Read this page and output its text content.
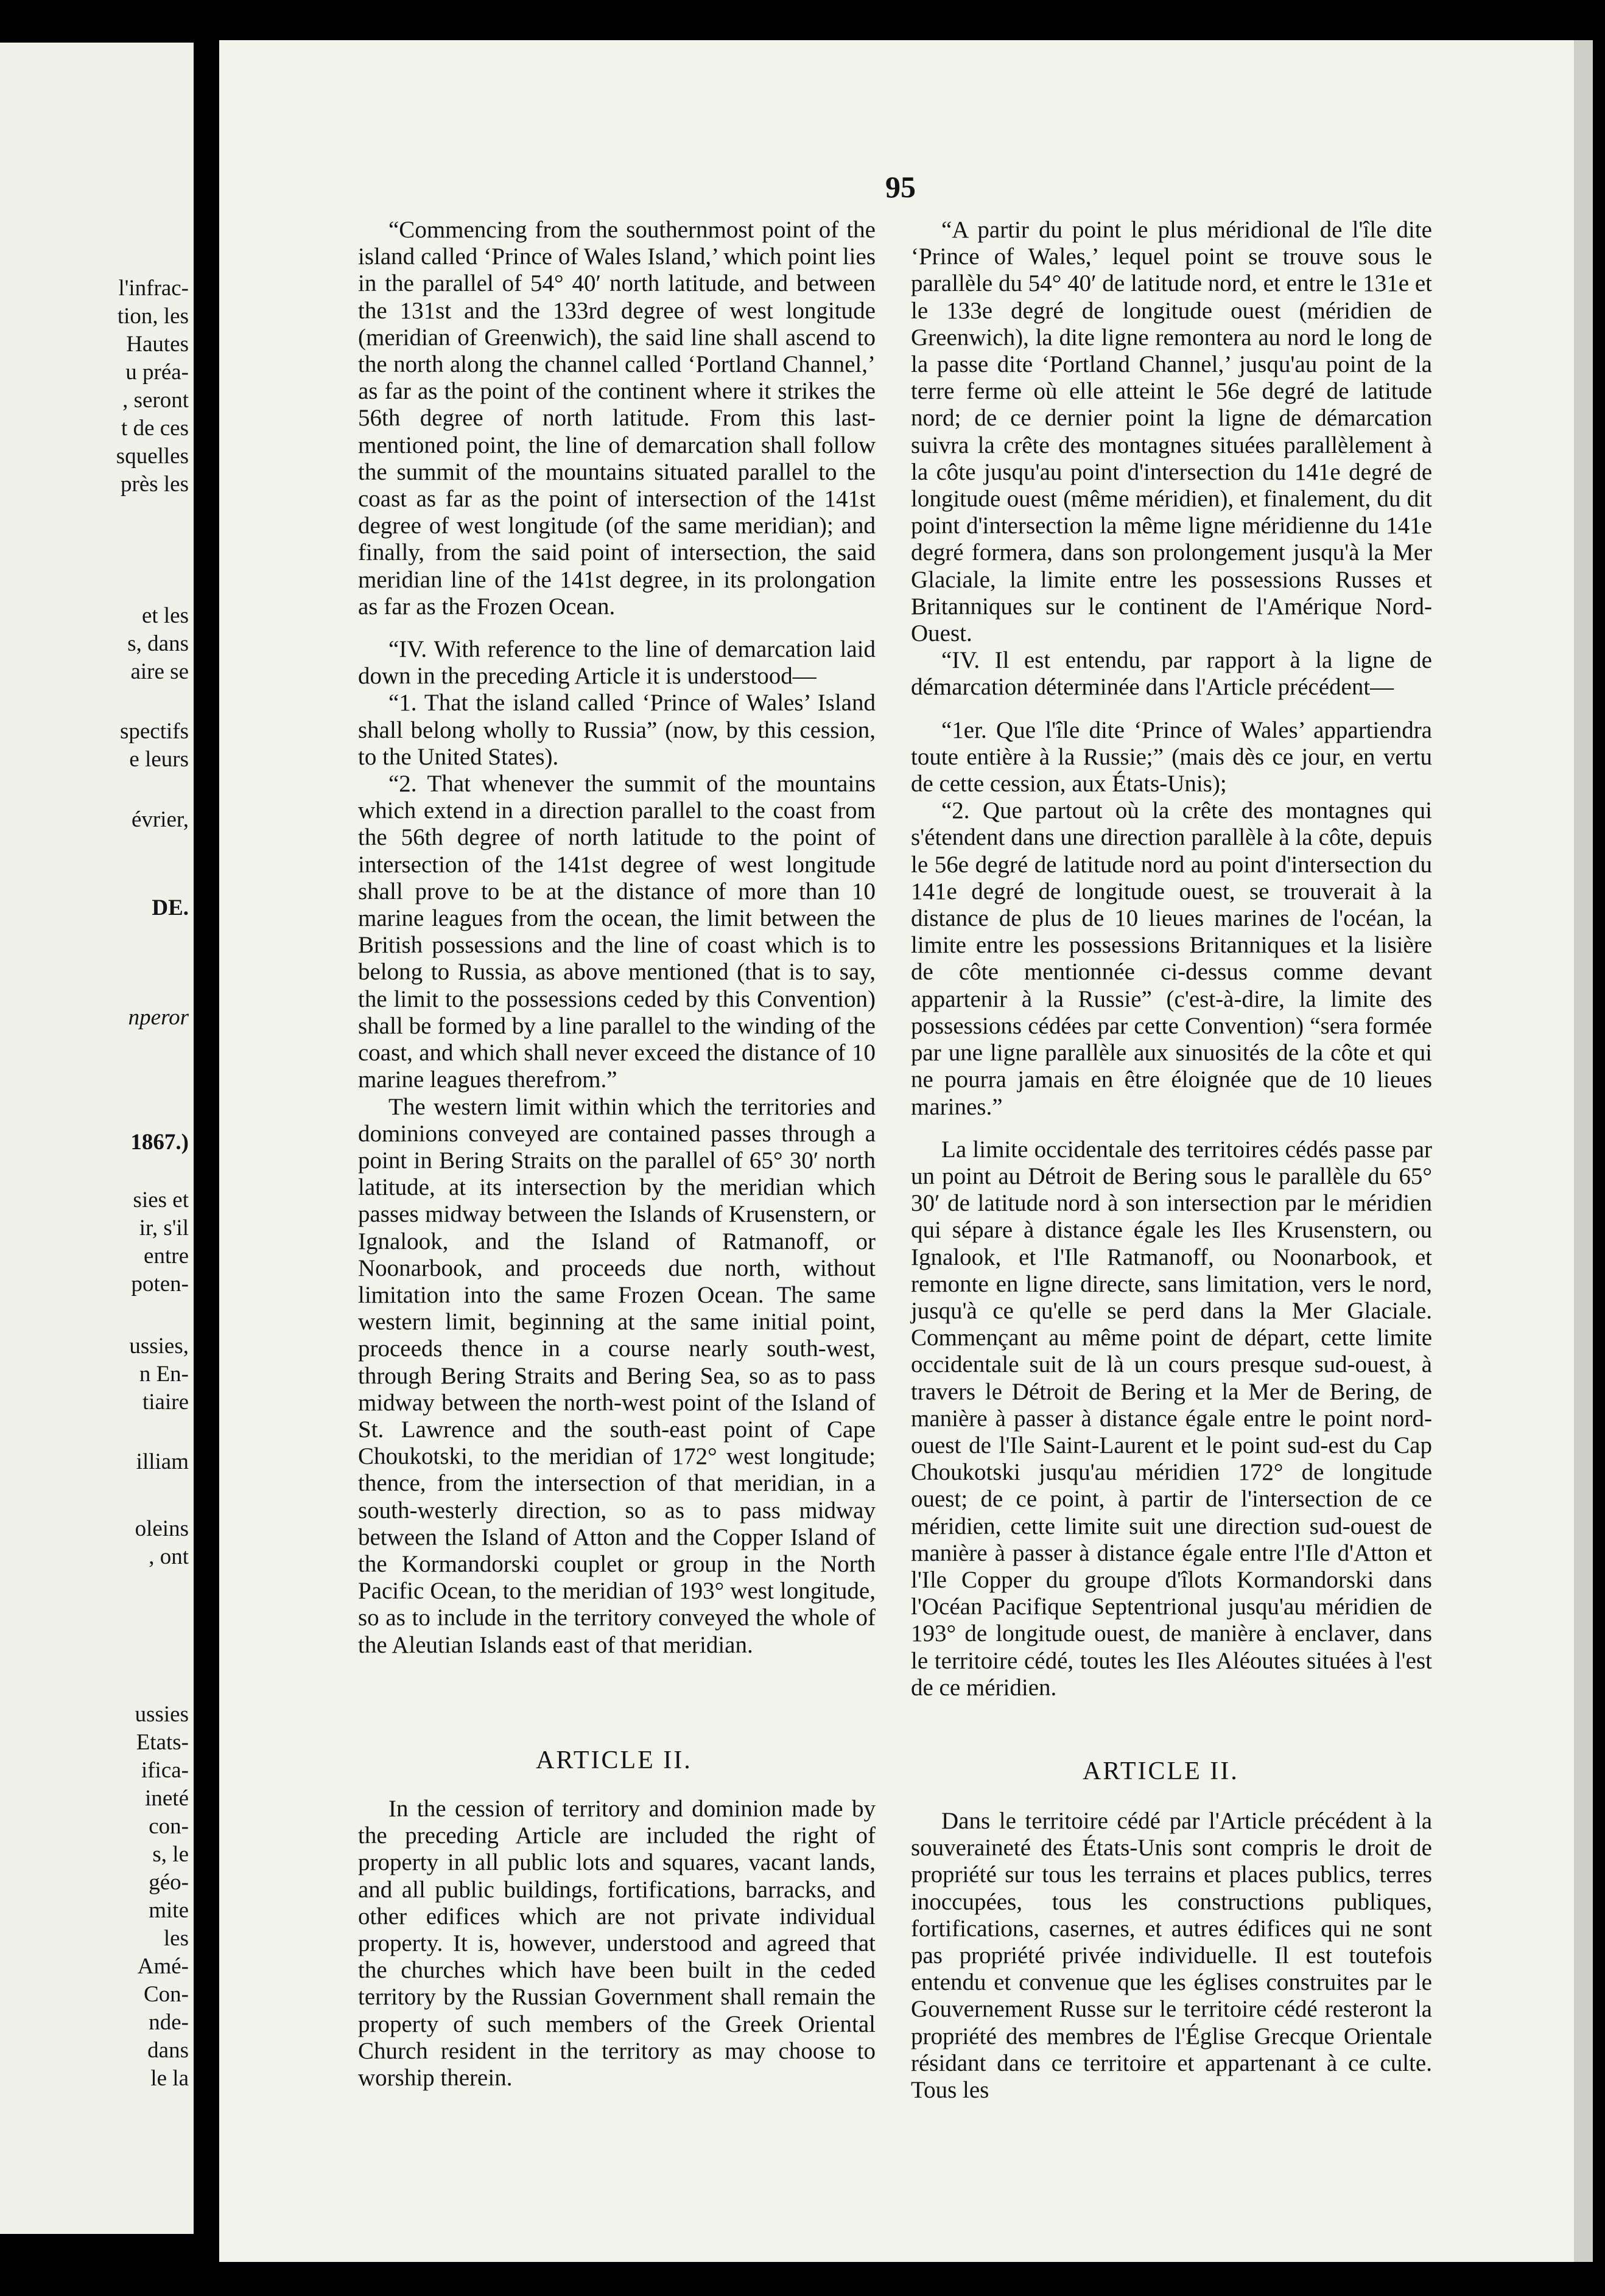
l'infrac-
tion, les
Hautes
u préa-
, seront
t de ces
squelles
près les
et les
s, dans
aire se
spectifs
e leurs
évrier,
DE.
nperor
1867.)
sies et
ir, s'il
entre
poten-
ussies,
n En-
tiaire
illiam
oleins
, ont
ussies
Etats-
ifica-
ineté
con-
s, le
géo-
mite
les
Amé-
Con-
nde-
dans
le la
95

“Commencing from the southernmost point of the island called ‘Prince of Wales Island,’ which point lies in the parallel of 54° 40′ north latitude, and between the 131st and the 133rd degree of west longitude (meridian of Greenwich), the said line shall ascend to the north along the channel called ‘Portland Channel,’ as far as the point of the continent where it strikes the 56th degree of north latitude. From this last-mentioned point, the line of demarcation shall follow the summit of the mountains situated parallel to the coast as far as the point of intersection of the 141st degree of west longitude (of the same meridian); and finally, from the said point of intersection, the said meridian line of the 141st degree, in its prolongation as far as the Frozen Ocean.

“IV. With reference to the line of demarcation laid down in the preceding Article it is understood—

“1. That the island called ‘Prince of Wales’ Island shall belong wholly to Russia” (now, by this cession, to the United States).

“2. That whenever the summit of the mountains which extend in a direction parallel to the coast from the 56th degree of north latitude to the point of intersection of the 141st degree of west longitude shall prove to be at the distance of more than 10 marine leagues from the ocean, the limit between the British possessions and the line of coast which is to belong to Russia, as above mentioned (that is to say, the limit to the possessions ceded by this Convention) shall be formed by a line parallel to the winding of the coast, and which shall never exceed the distance of 10 marine leagues therefrom.”

The western limit within which the territories and dominions conveyed are contained passes through a point in Bering Straits on the parallel of 65° 30′ north latitude, at its intersection by the meridian which passes midway between the Islands of Krusenstern, or Ignalook, and the Island of Ratmanoff, or Noonarbook, and proceeds due north, without limitation into the same Frozen Ocean. The same western limit, beginning at the same initial point, proceeds thence in a course nearly south-west, through Bering Straits and Bering Sea, so as to pass midway between the north-west point of the Island of St. Lawrence and the south-east point of Cape Choukotski, to the meridian of 172° west longitude; thence, from the intersection of that meridian, in a south-westerly direction, so as to pass midway between the Island of Atton and the Copper Island of the Kormandorski couplet or group in the North Pacific Ocean, to the meridian of 193° west longitude, so as to include in the territory conveyed the whole of the Aleutian Islands east of that meridian.

“A partir du point le plus méridional de l'île dite ‘Prince of Wales,’ lequel point se trouve sous le parallèle du 54° 40′ de latitude nord, et entre le 131e et le 133e degré de longitude ouest (méridien de Greenwich), la dite ligne remontera au nord le long de la passe dite ‘Portland Channel,’ jusqu'au point de la terre ferme où elle atteint le 56e degré de latitude nord; de ce dernier point la ligne de démarcation suivra la crête des montagnes situées parallèlement à la côte jusqu'au point d'intersection du 141e degré de longitude ouest (même méridien), et finalement, du dit point d'intersection la même ligne méridienne du 141e degré formera, dans son prolongement jusqu'à la Mer Glaciale, la limite entre les possessions Russes et Britanniques sur le continent de l'Amérique Nord-Ouest.

“IV. Il est entendu, par rapport à la ligne de démarcation déterminée dans l'Article précédent—

“1er. Que l'île dite ‘Prince of Wales’ appartiendra toute entière à la Russie;” (mais dès ce jour, en vertu de cette cession, aux États-Unis);

“2. Que partout où la crête des montagnes qui s'étendent dans une direction parallèle à la côte, depuis le 56e degré de latitude nord au point d'intersection du 141e degré de longitude ouest, se trouverait à la distance de plus de 10 lieues marines de l'océan, la limite entre les possessions Britanniques et la lisière de côte mentionnée ci-dessus comme devant appartenir à la Russie” (c'est-à-dire, la limite des possessions cédées par cette Convention) “sera formée par une ligne parallèle aux sinuosités de la côte et qui ne pourra jamais en être éloignée que de 10 lieues marines.”

La limite occidentale des territoires cédés passe par un point au Détroit de Bering sous le parallèle du 65° 30′ de latitude nord à son intersection par le méridien qui sépare à distance égale les Iles Krusenstern, ou Ignalook, et l'Ile Ratmanoff, ou Noonarbook, et remonte en ligne directe, sans limitation, vers le nord, jusqu'à ce qu'elle se perd dans la Mer Glaciale. Commençant au même point de départ, cette limite occidentale suit de là un cours presque sud-ouest, à travers le Détroit de Bering et la Mer de Bering, de manière à passer à distance égale entre le point nord-ouest de l'Ile Saint-Laurent et le point sud-est du Cap Choukotski jusqu'au méridien 172° de longitude ouest; de ce point, à partir de l'intersection de ce méridien, cette limite suit une direction sud-ouest de manière à passer à distance égale entre l'Ile d'Atton et l'Ile Copper du groupe d'îlots Kormandorski dans l'Océan Pacifique Septentrional jusqu'au méridien de 193° de longitude ouest, de manière à enclaver, dans le territoire cédé, toutes les Iles Aléoutes situées à l'est de ce méridien.

ARTICLE II.	ARTICLE II.

In the cession of territory and dominion made by the preceding Article are included the right of property in all public lots and squares, vacant lands, and all public buildings, fortifications, barracks, and other edifices which are not private individual property. It is, however, understood and agreed that the churches which have been built in the ceded territory by the Russian Government shall remain the property of such members of the Greek Oriental Church resident in the territory as may choose to worship therein.

Dans le territoire cédé par l'Article précédent à la souveraineté des États-Unis sont compris le droit de propriété sur tous les terrains et places publics, terres inoccupées, tous les constructions publiques, fortifications, casernes, et autres édifices qui ne sont pas propriété privée individuelle. Il est toutefois entendu et convenue que les églises construites par le Gouvernement Russe sur le territoire cédé resteront la propriété des membres de l'Église Grecque Orientale résidant dans ce territoire et appartenant à ce culte. Tous les
